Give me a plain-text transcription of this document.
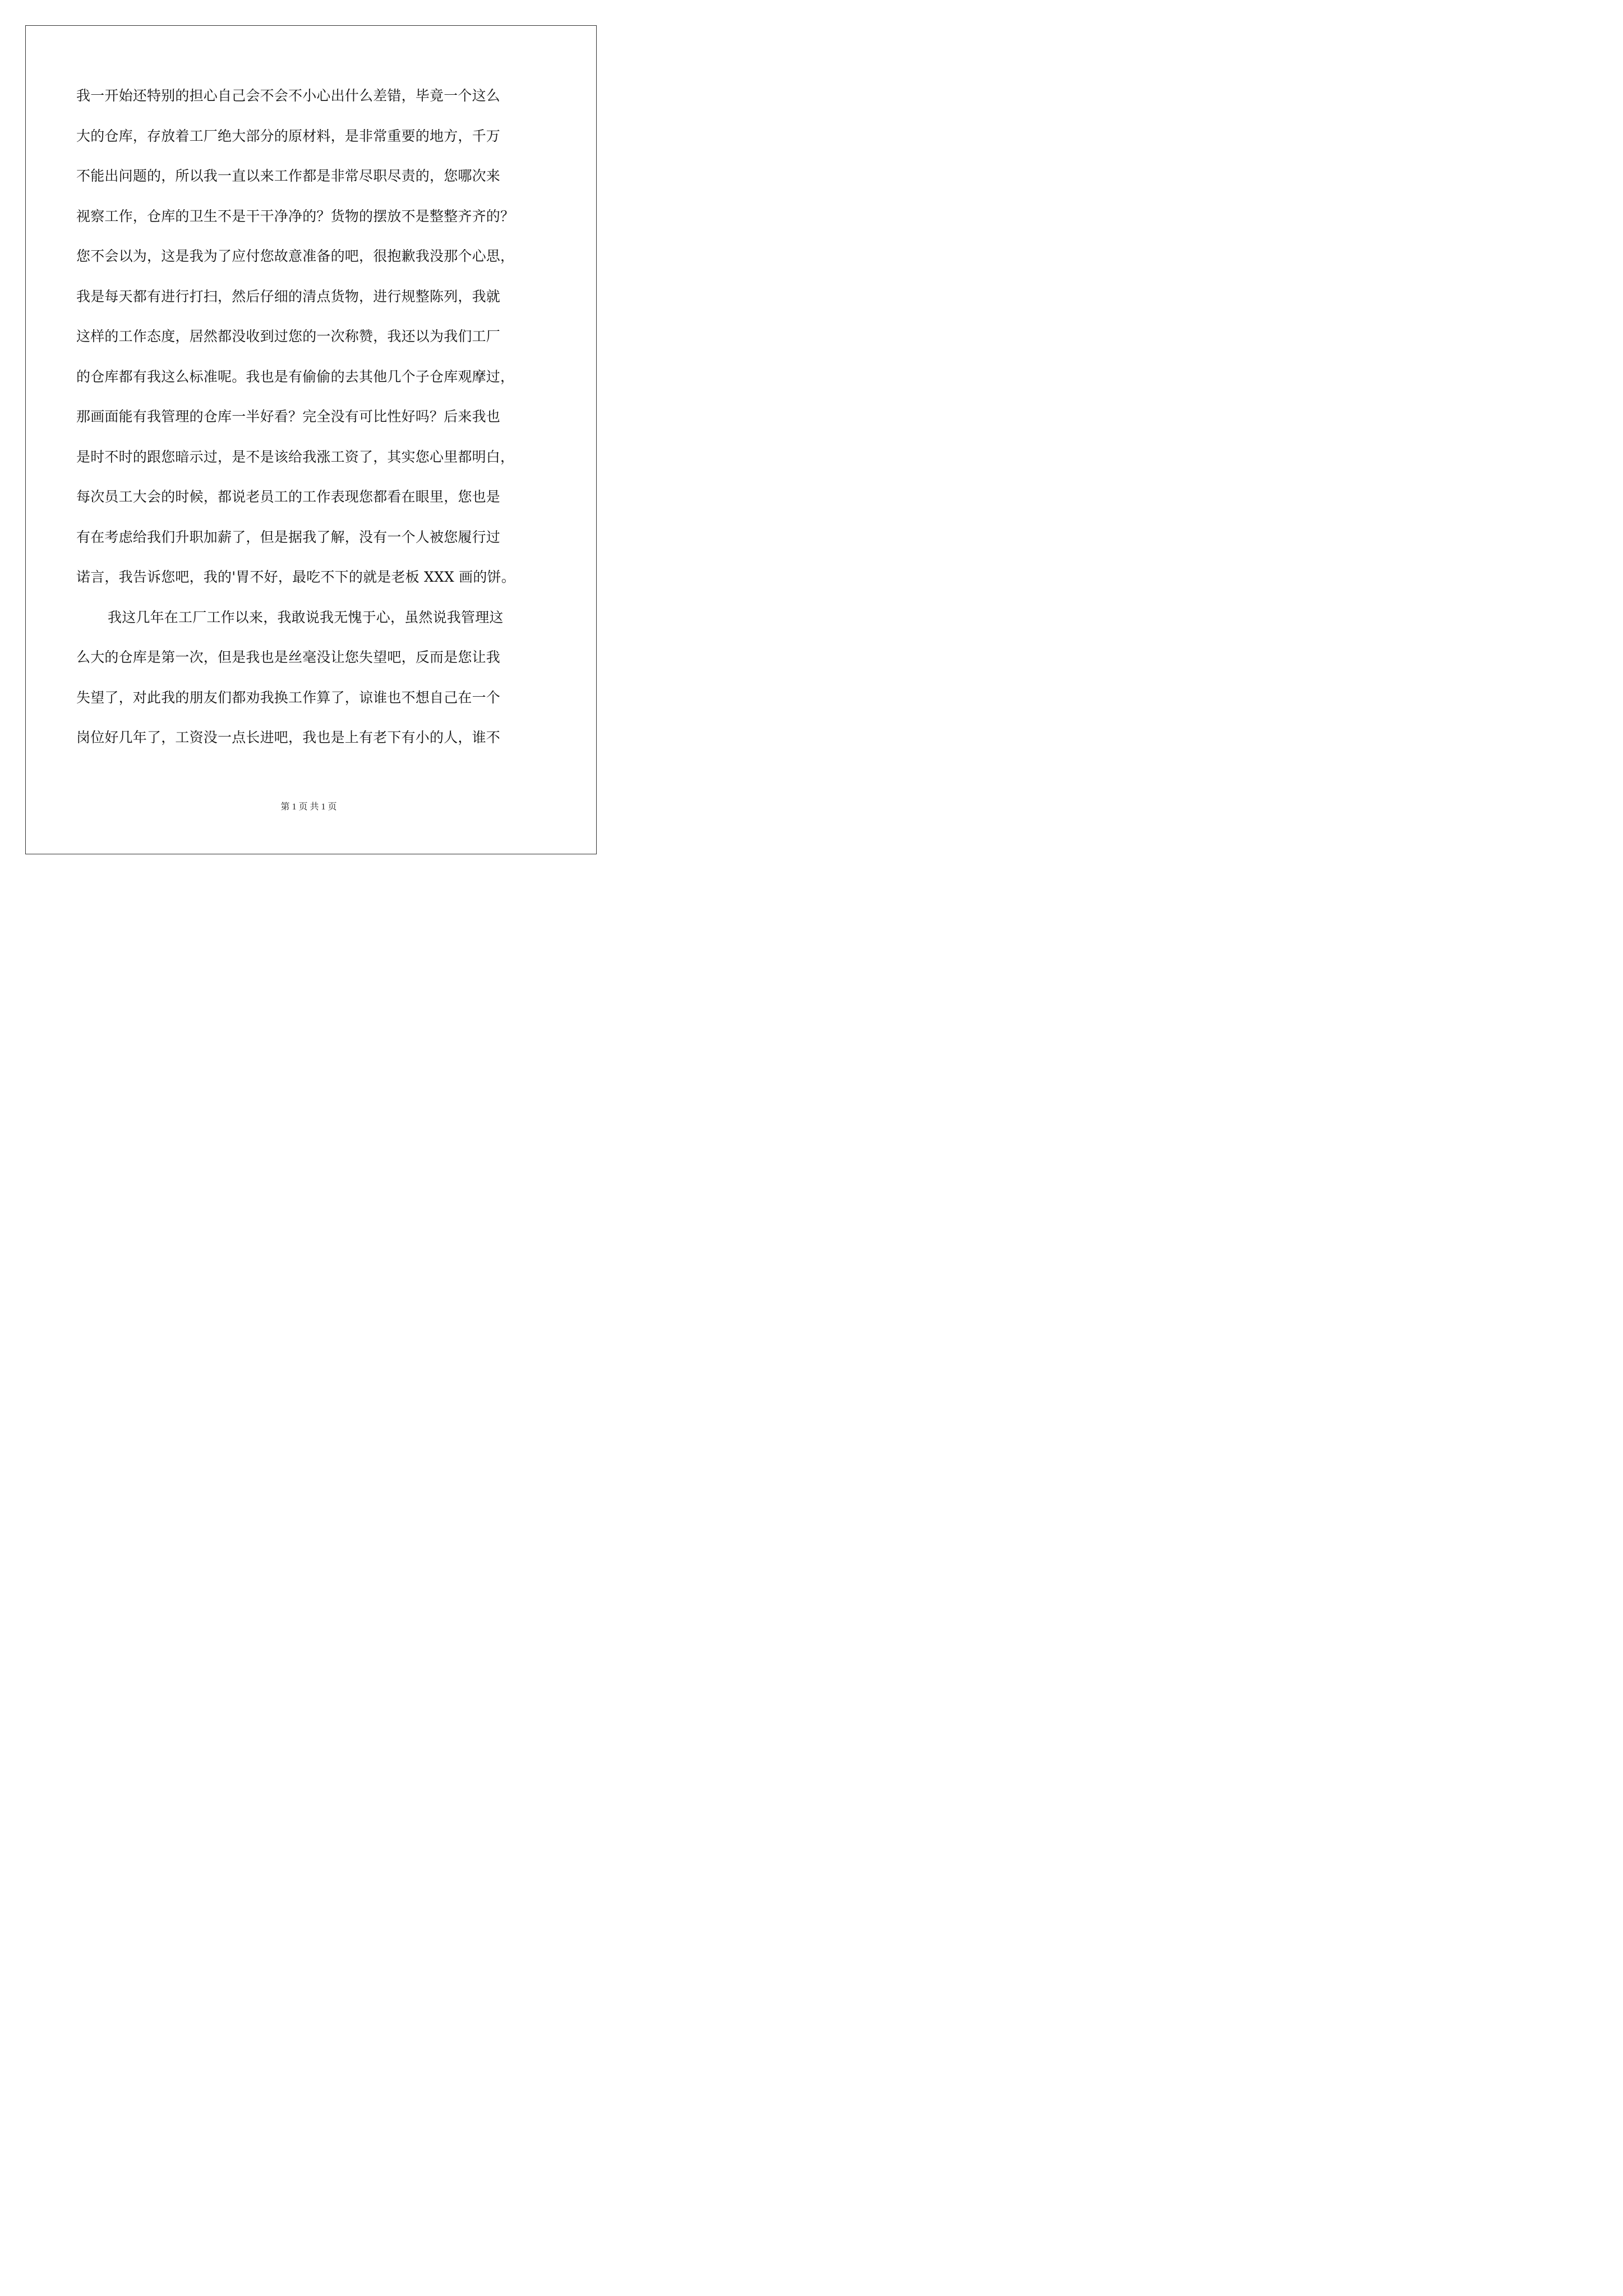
我一开始还特别的担心自己会不会不小心出什么差错，毕竟一个这么
大的仓库，存放着工厂绝大部分的原材料，是非常重要的地方，千万
不能出问题的，所以我一直以来工作都是非常尽职尽责的，您哪次来
视察工作，仓库的卫生不是干干净净的？货物的摆放不是整整齐齐的？
您不会以为，这是我为了应付您故意准备的吧，很抱歉我没那个心思，
我是每天都有进行打扫，然后仔细的清点货物，进行规整陈列，我就
这样的工作态度，居然都没收到过您的一次称赞，我还以为我们工厂
的仓库都有我这么标准呢。我也是有偷偷的去其他几个子仓库观摩过，
那画面能有我管理的仓库一半好看？完全没有可比性好吗？后来我也
是时不时的跟您暗示过，是不是该给我涨工资了，其实您心里都明白，
每次员工大会的时候，都说老员工的工作表现您都看在眼里，您也是
有在考虑给我们升职加薪了，但是据我了解，没有一个人被您履行过
诺言，我告诉您吧，我的'胃不好，最吃不下的就是老板 XXX 画的饼。
我这几年在工厂工作以来，我敢说我无愧于心，虽然说我管理这
么大的仓库是第一次，但是我也是丝毫没让您失望吧，反而是您让我
失望了，对此我的朋友们都劝我换工作算了，谅谁也不想自己在一个
岗位好几年了，工资没一点长进吧，我也是上有老下有小的人，谁不
第 1 页 共 1 页
